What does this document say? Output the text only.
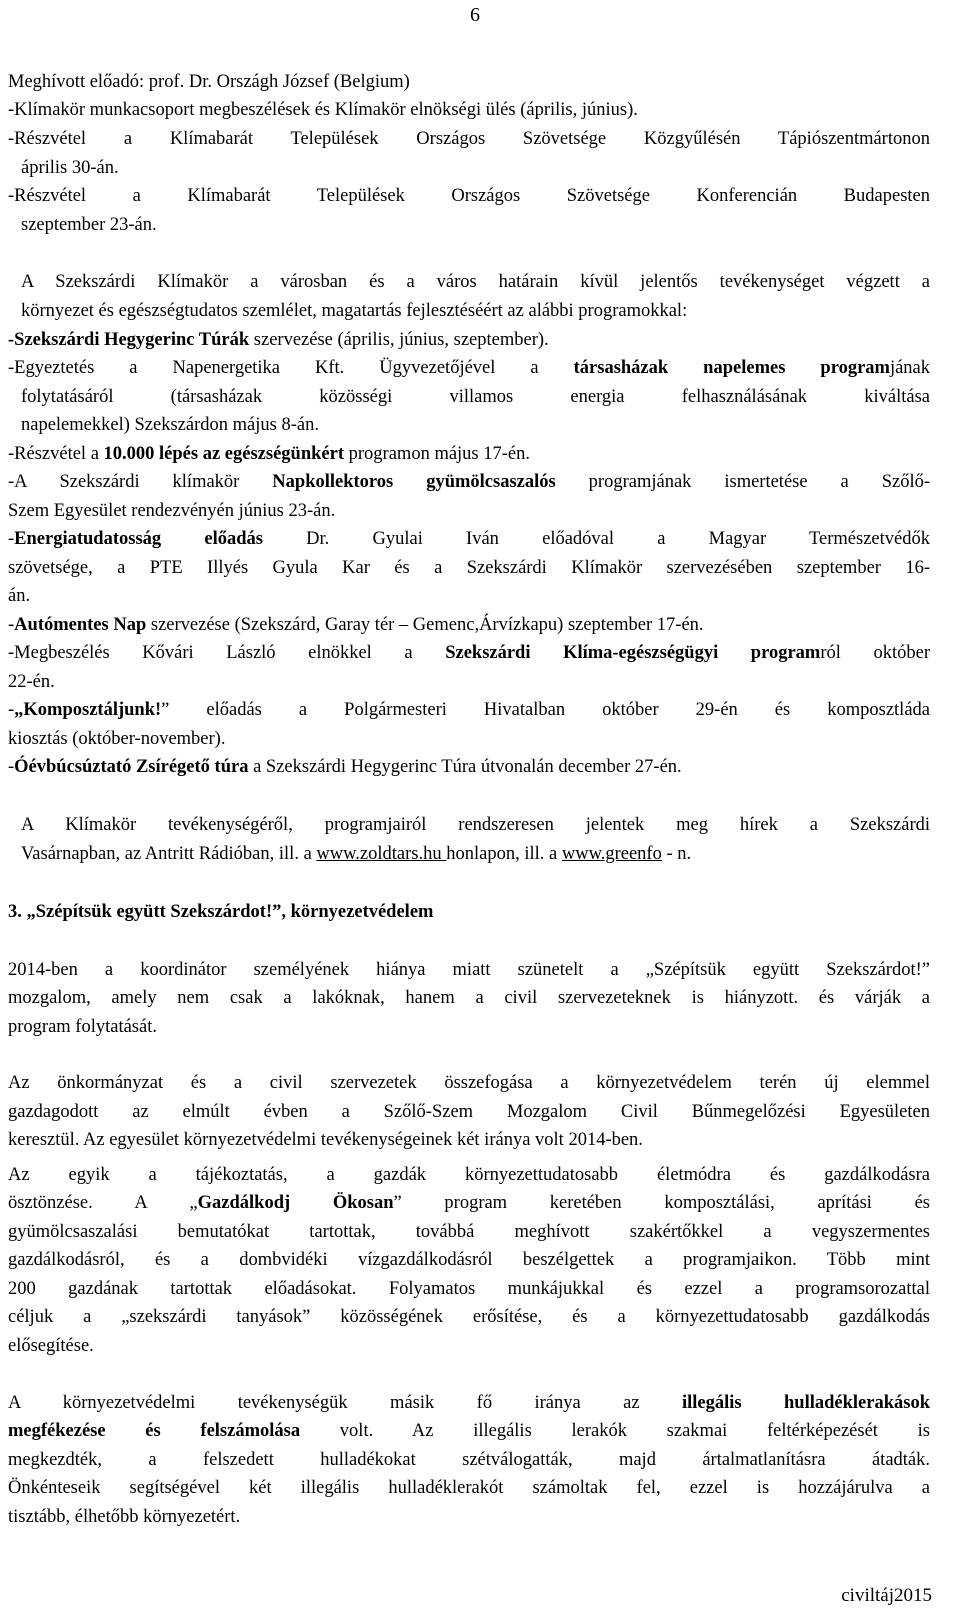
6
Meghívott előadó: prof. Dr. Országh József (Belgium)
-Klímakör munkacsoport megbeszélések és Klímakör elnökségi ülés (április, június).
-Részvétel a Klímabarát Települések Országos Szövetsége Közgyűlésén Tápiószentmártonon
április 30-án.
-Részvétel a Klímabarát Települések Országos Szövetsége Konferencián Budapesten
szeptember 23-án.
A Szekszárdi Klímakör a városban és a város határain kívül jelentős tevékenységet végzett a
környezet és egészségtudatos szemlélet, magatartás fejlesztéséért az alábbi programokkal:
-Szekszárdi Hegygerinc Túrák szervezése (április, június, szeptember).
-Egyeztetés a Napenergetika Kft. Ügyvezetőjével a társasházak napelemes programjának
folytatásáról (társasházak közösségi villamos energia felhasználásának kiváltása
napelemekkel) Szekszárdon május 8-án.
-Részvétel a 10.000 lépés az egészségünkért programon május 17-én.
-A Szekszárdi klímakör Napkollektoros gyümölcsaszalós programjának ismertetése a Szőlő-
Szem Egyesület rendezvényén június 23-án.
-Energiatudatosság előadás Dr. Gyulai Iván előadóval a Magyar Természetvédők
szövetsége, a PTE Illyés Gyula Kar és a Szekszárdi Klímakör szervezésében szeptember 16-
án.
-Autómentes Nap szervezése (Szekszárd, Garay tér – Gemenc,Árvízkapu) szeptember 17-én.
-Megbeszélés Kővári László elnökkel a Szekszárdi Klíma-egészségügyi programról október
22-én.
-„Komposztáljunk!” előadás a Polgármesteri Hivatalban október 29-én és komposztláda
kiosztás (október-november).
-Óévbúcsúztató Zsírégető túra a Szekszárdi Hegygerinc Túra útvonalán december 27-én.
A Klímakör tevékenységéről, programjairól rendszeresen jelentek meg hírek a Szekszárdi
Vasárnapban, az Antritt Rádióban, ill. a www.zoldtars.hu honlapon, ill. a www.greenfo - n.
3. „Szépítsük együtt Szekszárdot!”, környezetvédelem
2014-ben a koordinátor személyének hiánya miatt szünetelt a „Szépítsük együtt Szekszárdot!”
mozgalom, amely nem csak a lakóknak, hanem a civil szervezeteknek is hiányzott. és várják a
program folytatását.
Az önkormányzat és a civil szervezetek összefogása a környezetvédelem terén új elemmel
gazdagodott az elmúlt évben a Szőlő-Szem Mozgalom Civil Bűnmegelőzési Egyesületen
keresztül. Az egyesület környezetvédelmi tevékenységeinek két iránya volt 2014-ben.
Az egyik a tájékoztatás, a gazdák környezettudatosabb életmódra és gazdálkodásra
ösztönzése. A „Gazdálkodj Ökosan” program keretében komposztálási, aprítási és
gyümölcsaszalási bemutatókat tartottak, továbbá meghívott szakértőkkel a vegyszermentes
gazdálkodásról, és a dombvidéki vízgazdálkodásról beszélgettek a programjaikon. Több mint
200 gazdának tartottak előadásokat. Folyamatos munkájukkal és ezzel a programsorozattal
céljuk a „szekszárdi tanyások” közösségének erősítése, és a környezettudatosabb gazdálkodás
elősegítése.
A környezetvédelmi tevékenységük másik fő iránya az illegális hulladéklerakások
megfékezése és felszámolása volt. Az illegális lerakók szakmai feltérképezését is
megkezdték, a felszedett hulladékokat szétválogatták, majd ártalmatlanításra átadták.
Önkénteseik segítségével két illegális hulladéklerakót számoltak fel, ezzel is hozzájárulva a
tisztább, élhetőbb környezetért.
civiltáj2015
